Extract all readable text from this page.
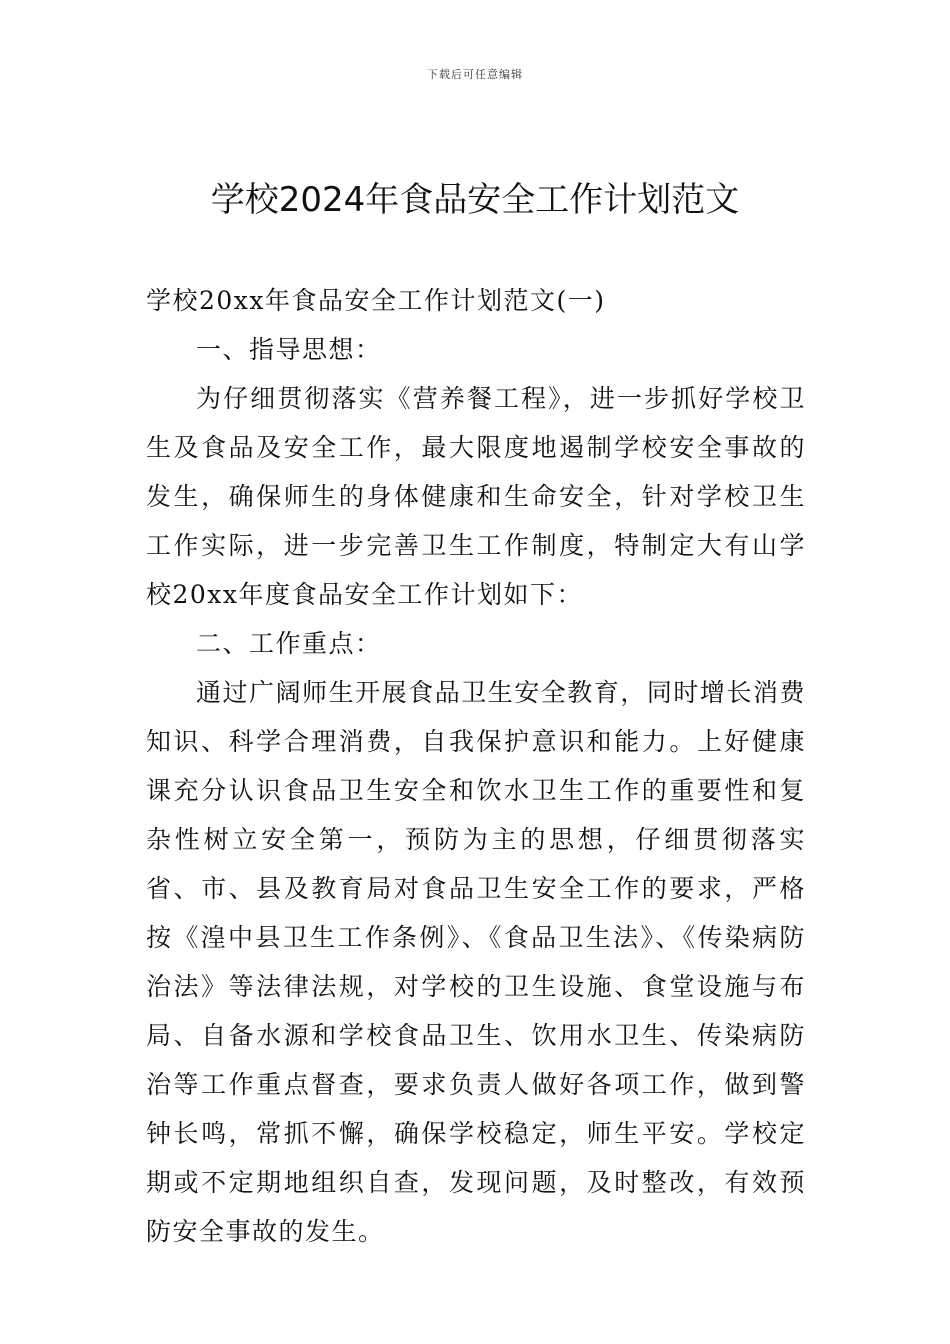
下载后可任意编辑
学校2024年食品安全工作计划范文

学校20xx年食品安全工作计划范文(一)

一、指导思想：

为仔细贯彻落实《营养餐工程》，进一步抓好学校卫生及食品及安全工作，最大限度地遏制学校安全事故的发生，确保师生的身体健康和生命安全，针对学校卫生工作实际，进一步完善卫生工作制度，特制定大有山学校20xx年度食品安全工作计划如下：

二、工作重点：

通过广阔师生开展食品卫生安全教育，同时增长消费知识、科学合理消费，自我保护意识和能力。上好健康课充分认识食品卫生安全和饮水卫生工作的重要性和复杂性树立安全第一，预防为主的思想，仔细贯彻落实省、市、县及教育局对食品卫生安全工作的要求，严格按《湟中县卫生工作条例》、《食品卫生法》、《传染病防治法》等法律法规，对学校的卫生设施、食堂设施与布局、自备水源和学校食品卫生、饮用水卫生、传染病防治等工作重点督查，要求负责人做好各项工作，做到警钟长鸣，常抓不懈，确保学校稳定，师生平安。学校定期或不定期地组织自查，发现问题，及时整改，有效预防安全事故的发生。
